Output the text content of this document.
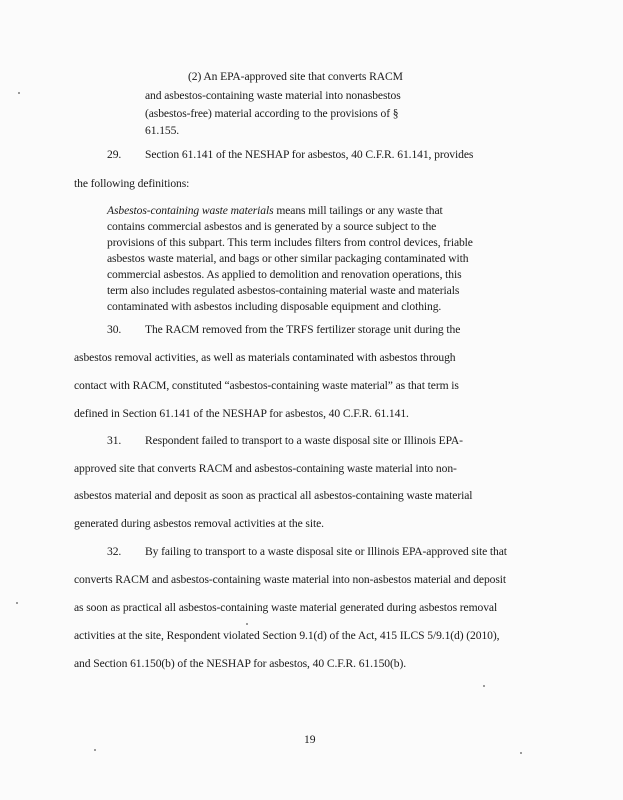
(2) An EPA-approved site that converts RACM
and asbestos-containing waste material into nonasbestos
(asbestos-free) material according to the provisions of §
61.155.
29. Section 61.141 of the NESHAP for asbestos, 40 C.F.R. 61.141, provides
the following definitions:
Asbestos-containing waste materials means mill tailings or any waste that
contains commercial asbestos and is generated by a source subject to the
provisions of this subpart. This term includes filters from control devices, friable
asbestos waste material, and bags or other similar packaging contaminated with
commercial asbestos. As applied to demolition and renovation operations, this
term also includes regulated asbestos-containing material waste and materials
contaminated with asbestos including disposable equipment and clothing.
30. The RACM removed from the TRFS fertilizer storage unit during the
asbestos removal activities, as well as materials contaminated with asbestos through
contact with RACM, constituted “asbestos-containing waste material” as that term is
defined in Section 61.141 of the NESHAP for asbestos, 40 C.F.R. 61.141.
31. Respondent failed to transport to a waste disposal site or Illinois EPA-
approved site that converts RACM and asbestos-containing waste material into non-
asbestos material and deposit as soon as practical all asbestos-containing waste material
generated during asbestos removal activities at the site.
32. By failing to transport to a waste disposal site or Illinois EPA-approved site that
converts RACM and asbestos-containing waste material into non-asbestos material and deposit
as soon as practical all asbestos-containing waste material generated during asbestos removal
activities at the site, Respondent violated Section 9.1(d) of the Act, 415 ILCS 5/9.1(d) (2010),
and Section 61.150(b) of the NESHAP for asbestos, 40 C.F.R. 61.150(b).
19
